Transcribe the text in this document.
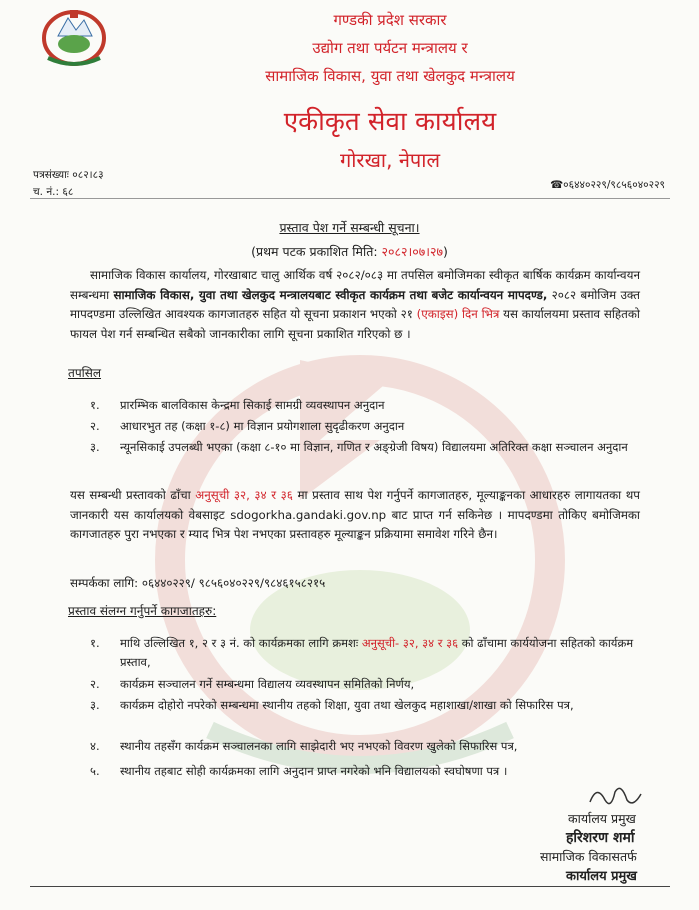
गण्डकी प्रदेश सरकार
उद्योग तथा पर्यटन मन्त्रालय र
सामाजिक विकास, युवा तथा खेलकुद मन्त्रालय
एकीकृत सेवा कार्यालय
गोरखा, नेपाल
पत्रसंख्याः ०८२।८३
च. नं.: ६८
☎०६४४०२२९/९८५६०४०२२९
प्रस्ताव पेश गर्ने सम्बन्धी सूचना।
(प्रथम पटक प्रकाशित मिति: २०८२।०७।२७)
सामाजिक विकास कार्यालय, गोरखाबाट चालु आर्थिक वर्ष २०८२/०८३ मा तपसिल बमोजिमका स्वीकृत बार्षिक कार्यक्रम कार्यान्वयन सम्बन्धमा सामाजिक विकास, युवा तथा खेलकुद मन्त्रालयबाट स्वीकृत कार्यक्रम तथा बजेट कार्यान्वयन मापदण्ड, २०८२ बमोजिम उक्त मापदण्डमा उल्लिखित आवश्यक कागजातहरु सहित यो सूचना प्रकाशन भएको २१ (एकाइस) दिन भित्र यस कार्यालयमा प्रस्ताव सहितको फायल पेश गर्न सम्बन्धित सबैको जानकारीका लागि सूचना प्रकाशित गरिएको छ ।
तपसिल
१. प्रारम्भिक बालविकास केन्द्रमा सिकाई सामग्री व्यवस्थापन अनुदान
२. आधारभुत तह (कक्षा १-८) मा विज्ञान प्रयोगशाला सुदृढीकरण अनुदान
३. न्यूनसिकाई उपलब्धी भएका (कक्षा ८-१० मा विज्ञान, गणित र अङ्ग्रेजी विषय) विद्यालयमा अतिरिक्त कक्षा सञ्चालन अनुदान
यस सम्बन्धी प्रस्तावको ढाँचा अनुसूची ३२, ३४ र ३६ मा प्रस्ताव साथ पेश गर्नुपर्ने कागजातहरु, मूल्याङ्कनका आधारहरु लागायतका थप जानकारी यस कार्यालयको वेबसाइट sdogorkha.gandaki.gov.np बाट प्राप्त गर्न सकिनेछ । मापदण्डमा तोकिए बमोजिमका कागजातहरु पुरा नभएका र म्याद भित्र पेश नभएका प्रस्तावहरु मूल्याङ्कन प्रक्रियामा समावेश गरिने छैन।
सम्पर्कका लागि: ०६४४०२२९/ ९८५६०४०२२९/९८४६१५८२१५
प्रस्ताव संलग्न गर्नुपर्ने कागजातहरु:
१. माथि उल्लिखित १, २ र ३ नं. को कार्यक्रमका लागि क्रमशः अनुसूची- ३२, ३४ र ३६ को ढाँचामा कार्ययोजना सहितको कार्यक्रम प्रस्ताव,
२. कार्यक्रम सञ्चालन गर्ने सम्बन्धमा विद्यालय व्यवस्थापन समितिको निर्णय,
३. कार्यक्रम दोहोरो नपरेको सम्बन्धमा स्थानीय तहको शिक्षा, युवा तथा खेलकुद महाशाखा/शाखा को सिफारिस पत्र,
४. स्थानीय तहसँग कार्यक्रम सञ्चालनका लागि साझेदारी भए नभएको विवरण खुलेको सिफारिस पत्र,
५. स्थानीय तहबाट सोही कार्यक्रमका लागि अनुदान प्राप्त नगरेको भनि विद्यालयको स्वघोषणा पत्र ।
कार्यालय प्रमुख
हरिशरण शर्मा
सामाजिक विकासतर्फ
कार्यालय प्रमुख
